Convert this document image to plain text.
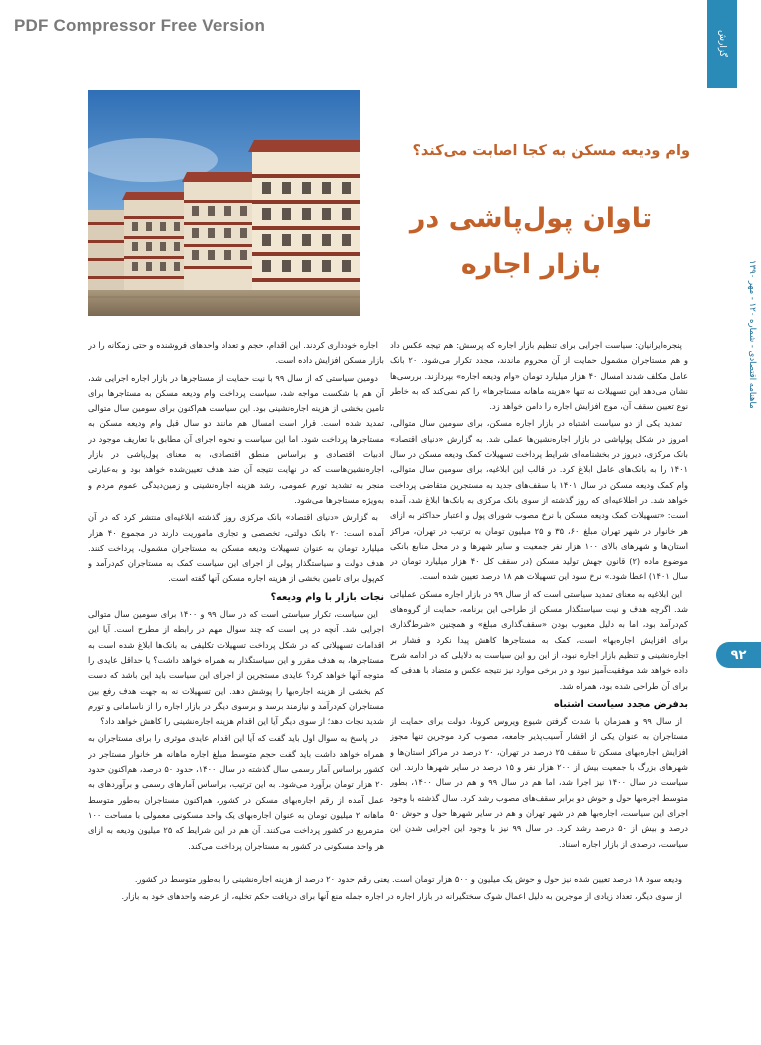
PDF Compressor Free Version
گزارش
ماهنامه اقتصادی - شماره ۱۲۰ - مهر ۱۳۹۰
۹۲
وام ودیعه مسکن به کجا اصابت می‌کند؟
تاوان پول‌پاشی در
بازار اجاره

پنجره‌ایرانیان: سیاست اجرایی برای تنظیم بازار اجاره که پرسش: هم تیجه عکس داد و هم مستاجران مشمول حمایت از آن محروم ماندند، مجدد تکرار می‌شود. ۲۰ بانک عامل مکلف شدند امسال ۴۰ هزار میلیارد تومان «وام ودیعه اجاره» بپردازند. بررسی‌ها نشان می‌دهد این تسهیلات نه تنها «هزینه ماهانه مستاجرها» را کم نمی‌کند که به خاطر نوع تعیین سقف آن، موج افزایش اجاره را دامن خواهد زد.

تمدید یکی از دو سیاست اشتباه در بازار اجاره مسکن، برای سومین سال متوالی، امروز در شکل پولپاشی در بازار اجاره‌نشین‌ها عملی شد. به گزارش «دنیای اقتصاد» بانک مرکزی، دیروز در بخشنامه‌ای شرایط پرداخت تسهیلات کمک ودیعه مسکن در سال ۱۴۰۱ را به بانک‌های عامل ابلاغ کرد. در قالب این ابلاغیه، برای سومین سال متوالی، وام کمک ودیعه مسکن در سال ۱۴۰۱ با سقف‌های جدید به مستجرین متقاضی پرداخت خواهد شد. در اطلاعیه‌ای که روز گذشته از سوی بانک مرکزی به بانک‌ها ابلاغ شد، آمده است: «تسهیلات کمک ودیعه مسکن با نرخ مصوب شورای پول و اعتبار حداکثر به ازای هر خانوار در شهر تهران مبلغ ۶۰، ۳۵ و ۲۵ میلیون تومان به ترتیب در تهران، مراکز استان‌ها و شهرهای بالای ۱۰۰ هزار نفر جمعیت و سایر شهرها و در محل منابع بانکی موضوع ماده (۲) قانون جهش تولید مسکن (در سقف کل ۴۰ هزار میلیارد تومان در سال ۱۴۰۱) اعطا شود.» نرخ سود این تسهیلات هم ۱۸ درصد تعیین شده است.

این ابلاغیه به معنای تمدید سیاستی است که از سال ۹۹ در بازار اجاره مسکن عملیاتی شد. اگرچه هدف و نیت سیاستگذار مسکن از طراحی این برنامه، حمایت از گروه‌های کم‌درآمد بود، اما به دلیل معیوب بودن «سقف‌گذاری مبلغ» و همچنین «شرط‌گذاری برای افزایش اجاره‌بها» است، کمک به مستاجرها کاهش پیدا نکرد و فشار بر اجاره‌نشینی و تنظیم بازار اجاره نبود، از این رو این سیاست به دلایلی که در ادامه شرح داده خواهد شد موفقیت‌آمیز نبود و در برخی موارد نیز نتیجه عکس و متضاد با هدفی که برای آن طراحی شده بود، همراه شد.

بدفرض مجدد سیاست اشتباه

از سال ۹۹ و همزمان با شدت گرفتن شیوع ویروس کرونا، دولت برای حمایت از مستاجران به عنوان یکی از اقشار آسیب‌پذیر جامعه، مصوب کرد موجرین تنها مجوز افزایش اجاره‌بهای مسکن تا سقف ۲۵ درصد در تهران، ۲۰ درصد در مراکز استان‌ها و شهرهای بزرگ با جمعیت بیش از ۲۰۰ هزار نفر و ۱۵ درصد در سایر شهرها دارند. این سیاست در سال ۱۴۰۰ نیز اجرا شد، اما هم در سال ۹۹ و هم در سال ۱۴۰۰، بطور متوسط اجره‌بها حول و حوش دو برابر سقف‌های مصوب رشد کرد. سال گذشته با وجود اجرای این سیاست، اجاره‌بها هم در شهر تهران و هم در سایر شهرها حول و حوش ۵۰ درصد و بیش از ۵۰ درصد رشد کرد. در سال ۹۹ نیز با وجود این اجرایی شدن این سیاست، درصدی از بازار اجاره اسناد.

اجاره خودداری کردند. این اقدام، حجم و تعداد واحدهای فروشنده و حتی زمکانه را در بازار مسکن افزایش داده است.

دومین سیاستی که از سال ۹۹ با نیت حمایت از مستاجرها در بازار اجاره اجرایی شد، آن هم با شکست مواجه شد، سیاست پرداخت وام ودیعه مسکن به مستاجرها برای تامین بخشی از هزینه اجاره‌نشینی بود. این سیاست هم‌اکنون برای سومین سال متوالی تمدید شده است. قرار است امسال هم مانند دو سال قبل وام ودیعه مسکن به مستاجرها پرداخت شود. اما این سیاست و نحوه اجرای آن مطابق با تعاریف موجود در ادبیات اقتصادی و براساس منطق اقتصادی، به معنای پول‌پاشی در بازار اجاره‌نشین‌هاست که در نهایت نتیجه آن ضد هدف تعیین‌شده خواهد بود و به‌عبارتی منجر به تشدید تورم عمومی، رشد هزینه اجاره‌نشینی و زمین‌دیدگی عموم مردم و به‌ویژه مستاجرها می‌شود.

به گزارش «دنیای اقتصاد» بانک مرکزی روز گذشته ابلاغیه‌ای منتشر کرد که در آن آمده است: ۲۰ بانک دولتی، تخصصی و تجاری ماموریت دارند در مجموع ۴۰ هزار میلیارد تومان به عنوان تسهیلات ودیعه مسکن به مستاجران مشمول، پرداخت کنند. هدف دولت و سیاستگذار پولی از اجرای این سیاست کمک به مستاجران کم‌درآمد و کم‌پول برای تامین بخشی از هزینه اجاره مسکن آنها گفته است.

نجات بازار با وام ودیعه؟

این سیاست، تکرار سیاستی است که در سال ۹۹ و ۱۴۰۰ برای سومین سال متوالی اجرایی شد. آنچه در پی است که چند سوال مهم در رابطه از مطرح است. آیا این اقدامات تسهیلاتی که در شکل پرداخت تسهیلات تکلیفی به بانک‌ها ابلاغ شده است به مستاجرها، به هدف مقرر و این سیاستگذار به همراه خواهد داشت؟ یا حداقل عایدی را متوجه آنها خواهد کرد؟ عایدی مستجرین از اجرای این سیاست باید این باشد که دست کم بخشی از هزینه اجاره‌بها را پوشش دهد. این تسهیلات نه به جهت هدف رفع بین مستاجران کم‌درآمد و نیازمند برسد و برسوی دیگر در بازار اجاره را از ناسامانی و تورم شدید نجات دهد؛ از سوی دیگر آیا این اقدام هزینه اجاره‌نشینی را کاهش خواهد داد؟

در پاسخ به سوال اول باید گفت که آیا این اقدام عایدی موثری را برای مستاجران به همراه خواهد داشت باید گفت حجم متوسط مبلغ اجاره ماهانه هر خانوار مستاجر در کشور براساس آمار رسمی سال گذشته در سال ۱۴۰۰، حدود ۵۰ درصد، هم‌اکنون حدود ۲۰ هزار تومان برآورد می‌شود. به این ترتیب، براساس آمارهای رسمی و برآوردهای به عمل آمده از رقم اجاره‌بهای مسکن در کشور، هم‌اکنون مستاجران به‌طور متوسط ماهانه ۲ میلیون تومان به عنوان اجاره‌بهای یک واحد مسکونی معمولی با مساحت ۱۰۰ مترمربع در کشور پرداخت می‌کنند. آن هم در این شرایط که ۲۵ میلیون ودیعه به ازای هر واحد مسکونی در کشور به مستاجران پرداخت می‌کند.

ودیعه سود ۱۸ درصد تعیین شده نیز حول و حوش یک میلیون و ۵۰۰ هزار تومان است. یعنی رقم حدود ۲۰ درصد از هزینه اجاره‌نشینی را به‌طور متوسط در کشور.

از سوی دیگر، تعداد زیادی از موجرین به دلیل اعمال شوک سختگیرانه در بازار اجاره در اجاره جمله منع آنها برای دریافت حکم تخلیه، از عرضه واحدهای خود به بازار.
